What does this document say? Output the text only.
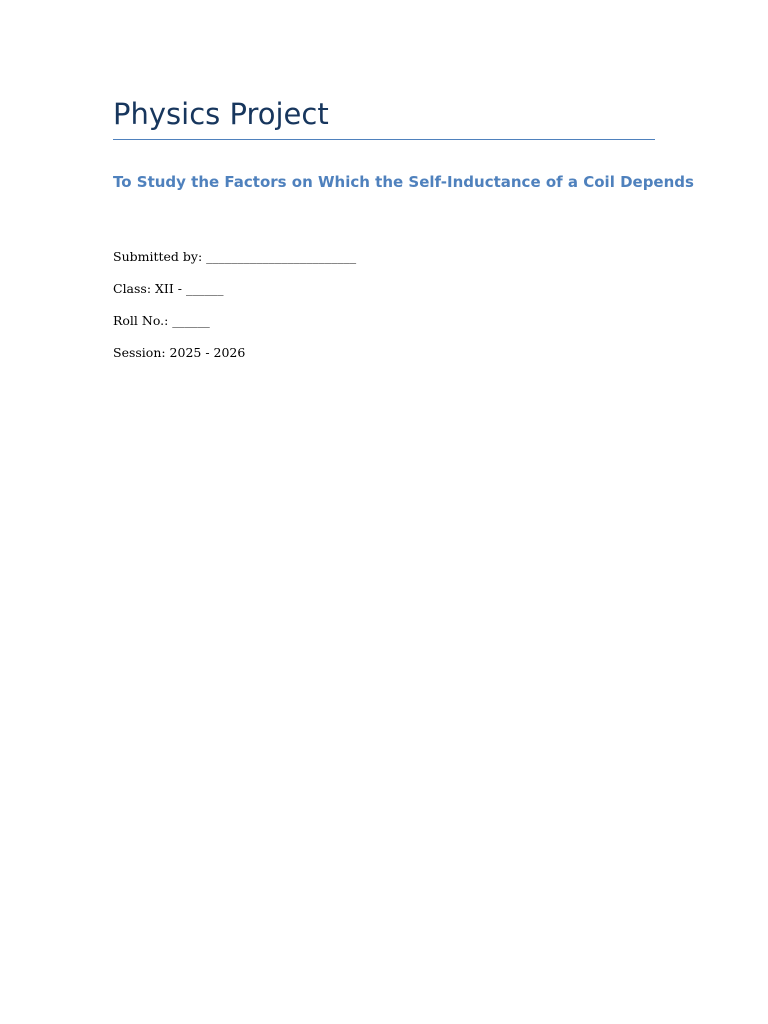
Physics Project
To Study the Factors on Which the Self-Inductance of a Coil Depends
Submitted by: ________________________
Class: XII - ______
Roll No.: ______
Session: 2025 - 2026
